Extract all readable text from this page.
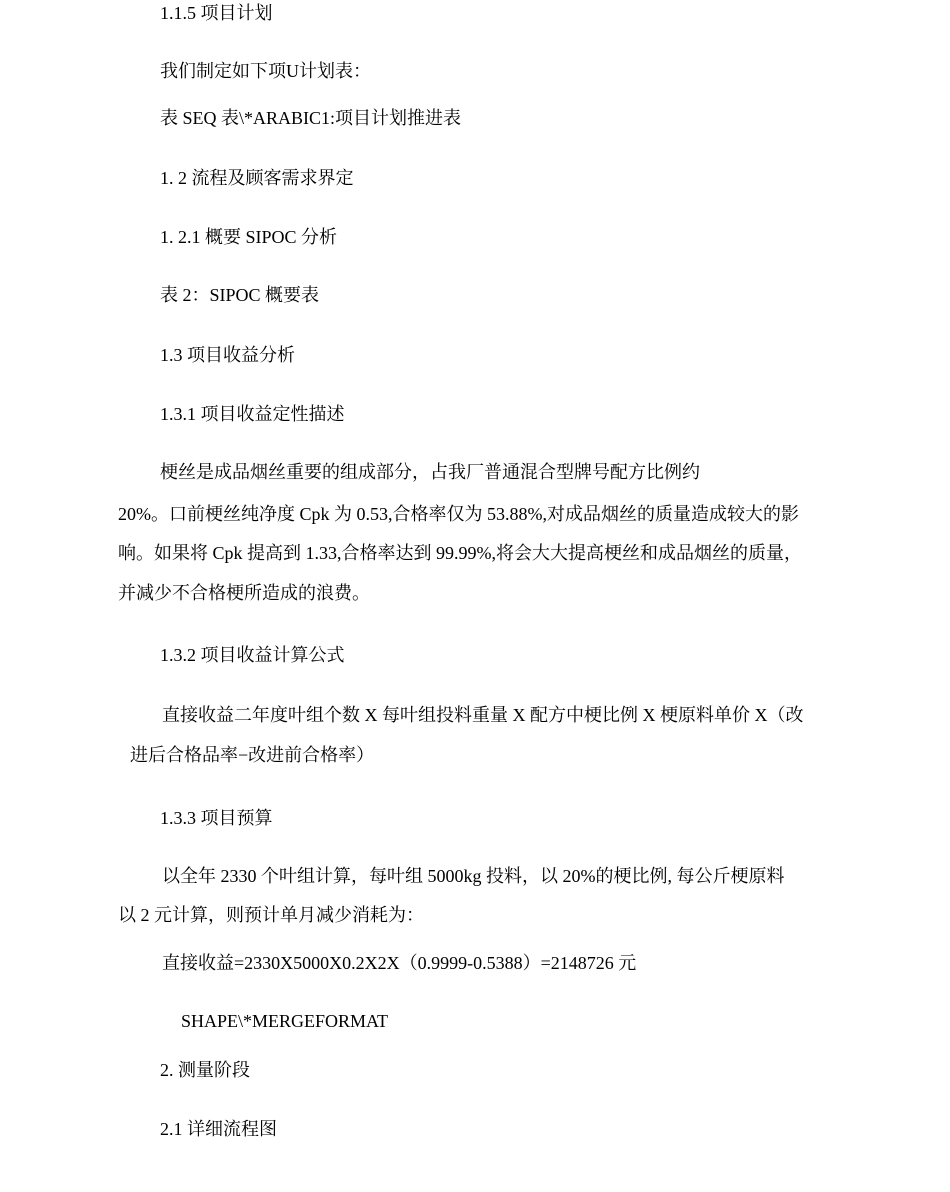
1.1.5 项目计划

我们制定如下项U计划表：

表 SEQ 表\*ARABIC1:项目计划推进表

1. 2 流程及顾客需求界定

1. 2.1 概要 SIPOC 分析

表 2：SIPOC 概要表

1.3 项目收益分析

1.3.1 项目收益定性描述

梗丝是成品烟丝重要的组成部分，占我厂普通混合型牌号配方比例约

20%。口前梗丝纯净度 Cpk 为 0.53,合格率仅为 53.88%,对成品烟丝的质量造成较大的影

响。如果将 Cpk 提高到 1.33,合格率达到 99.99%,将会大大提高梗丝和成品烟丝的质量，

并减少不合格梗所造成的浪费。

1.3.2 项目收益计算公式

直接收益二年度叶组个数 X 每叶组投料重量 X 配方中梗比例 X 梗原料单价 X（改

进后合格品率−改进前合格率）

1.3.3 项目预算

以全年 2330 个叶组计算，每叶组 5000kg 投料，以 20%的梗比例, 每公斤梗原料

以 2 元计算，则预计单月减少消耗为：

直接收益=2330X5000X0.2X2X（0.9999-0.5388）=2148726 元

SHAPE\*MERGEFORMAT

2. 测量阶段

2.1 详细流程图
